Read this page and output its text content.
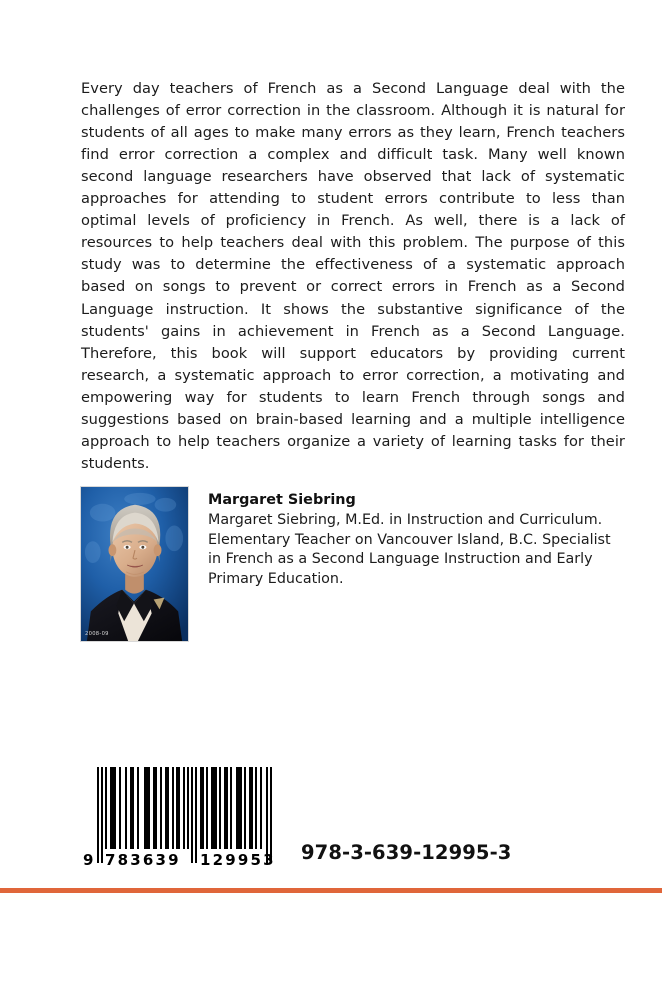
Every day teachers of French as a Second Language deal with the challenges of error correction in the classroom. Although it is natural for students of all ages to make many errors as they learn, French teachers find error correction a complex and difficult task. Many well known second language researchers have observed that lack of systematic approaches for attending to student errors contribute to less than optimal levels of proficiency in French. As well, there is a lack of resources to help teachers deal with this problem. The purpose of this study was to determine the effectiveness of a systematic approach based on songs to prevent or correct errors in French as a Second Language instruction. It shows the substantive significance of the students' gains in achievement in French as a Second Language. Therefore, this book will support educators by providing current research, a systematic approach to error correction, a motivating and empowering way for students to learn French through songs and suggestions based on brain-based learning and a multiple intelligence approach to help teachers organize a variety of learning tasks for their students.

2008-09
Margaret Siebring
Margaret Siebring, M.Ed. in Instruction and Curriculum. Elementary Teacher on Vancouver Island, B.C. Specialist in French as a Second Language Instruction and Early Primary Education.
9 783639 129953 978-3-639-12995-3
